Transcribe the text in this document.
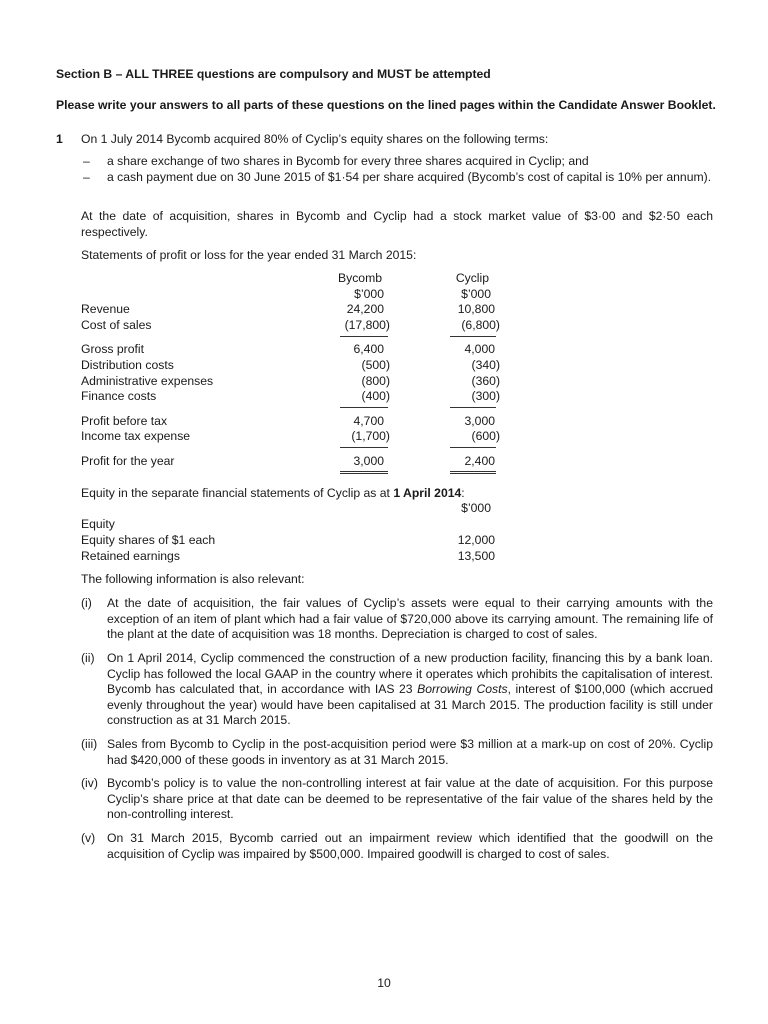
Section B – ALL THREE questions are compulsory and MUST be attempted
Please write your answers to all parts of these questions on the lined pages within the Candidate Answer Booklet.
1 On 1 July 2014 Bycomb acquired 80% of Cyclip’s equity shares on the following terms:
– a share exchange of two shares in Bycomb for every three shares acquired in Cyclip; and
– a cash payment due on 30 June 2015 of $1·54 per share acquired (Bycomb’s cost of capital is 10% per annum).
At the date of acquisition, shares in Bycomb and Cyclip had a stock market value of $3·00 and $2·50 each respectively.
Statements of profit or loss for the year ended 31 March 2015:
Bycomb	Cyclip
$’000	$’000
Revenue	24,200	10,800
Cost of sales	(17,800)	(6,800)
Gross profit	6,400	4,000
Distribution costs	(500)	(340)
Administrative expenses	(800)	(360)
Finance costs	(400)	(300)
Profit before tax	4,700	3,000
Income tax expense	(1,700)	(600)
Profit for the year	3,000	2,400
Equity in the separate financial statements of Cyclip as at 1 April 2014:
$’000
Equity
Equity shares of $1 each	12,000
Retained earnings	13,500
The following information is also relevant:
(i) At the date of acquisition, the fair values of Cyclip’s assets were equal to their carrying amounts with the exception of an item of plant which had a fair value of $720,000 above its carrying amount. The remaining life of the plant at the date of acquisition was 18 months. Depreciation is charged to cost of sales.
(ii) On 1 April 2014, Cyclip commenced the construction of a new production facility, financing this by a bank loan. Cyclip has followed the local GAAP in the country where it operates which prohibits the capitalisation of interest. Bycomb has calculated that, in accordance with IAS 23 Borrowing Costs, interest of $100,000 (which accrued evenly throughout the year) would have been capitalised at 31 March 2015. The production facility is still under construction as at 31 March 2015.
(iii) Sales from Bycomb to Cyclip in the post-acquisition period were $3 million at a mark-up on cost of 20%. Cyclip had $420,000 of these goods in inventory as at 31 March 2015.
(iv) Bycomb’s policy is to value the non-controlling interest at fair value at the date of acquisition. For this purpose Cyclip’s share price at that date can be deemed to be representative of the fair value of the shares held by the non-controlling interest.
(v) On 31 March 2015, Bycomb carried out an impairment review which identified that the goodwill on the acquisition of Cyclip was impaired by $500,000. Impaired goodwill is charged to cost of sales.
10
